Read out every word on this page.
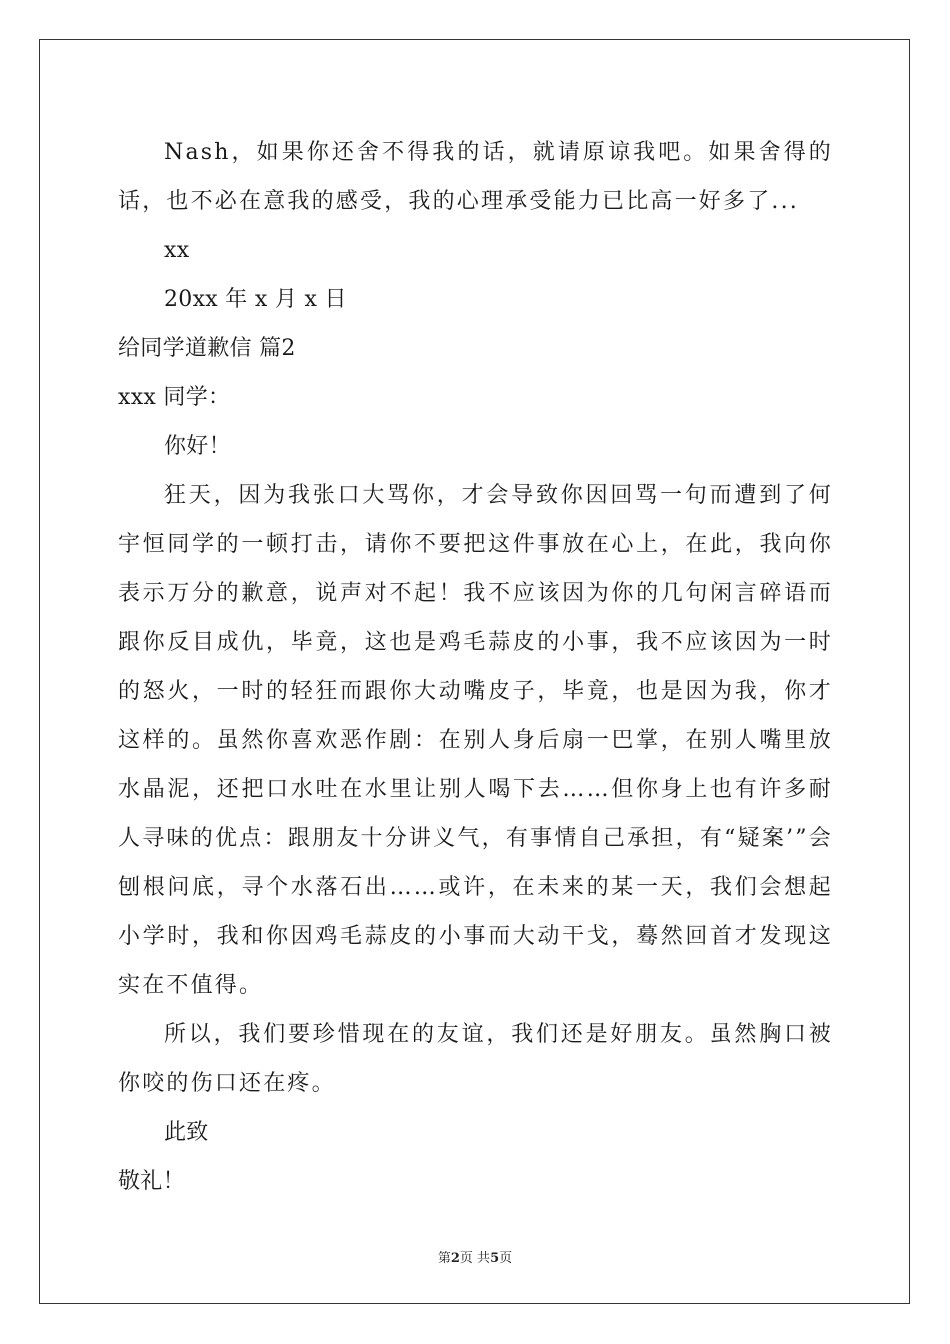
Nash，如果你还舍不得我的话，就请原谅我吧。如果舍得的话，也不必在意我的感受，我的心理承受能力已比高一好多了...
xx
20xx 年 x 月 x 日
给同学道歉信 篇2
xxx 同学：
你好！
狂天，因为我张口大骂你，才会导致你因回骂一句而遭到了何宇恒同学的一顿打击，请你不要把这件事放在心上，在此，我向你表示万分的歉意，说声对不起！我不应该因为你的几句闲言碎语而跟你反目成仇，毕竟，这也是鸡毛蒜皮的小事，我不应该因为一时的怒火，一时的轻狂而跟你大动嘴皮子，毕竟，也是因为我，你才这样的。虽然你喜欢恶作剧：在别人身后扇一巴掌，在别人嘴里放水晶泥，还把口水吐在水里让别人喝下去……但你身上也有许多耐人寻味的优点：跟朋友十分讲义气，有事情自己承担，有“疑案’”会刨根问底，寻个水落石出……或许，在未来的某一天，我们会想起小学时，我和你因鸡毛蒜皮的小事而大动干戈，蓦然回首才发现这实在不值得。
所以，我们要珍惜现在的友谊，我们还是好朋友。虽然胸口被你咬的伤口还在疼。
此致
敬礼！
第2页 共5页
